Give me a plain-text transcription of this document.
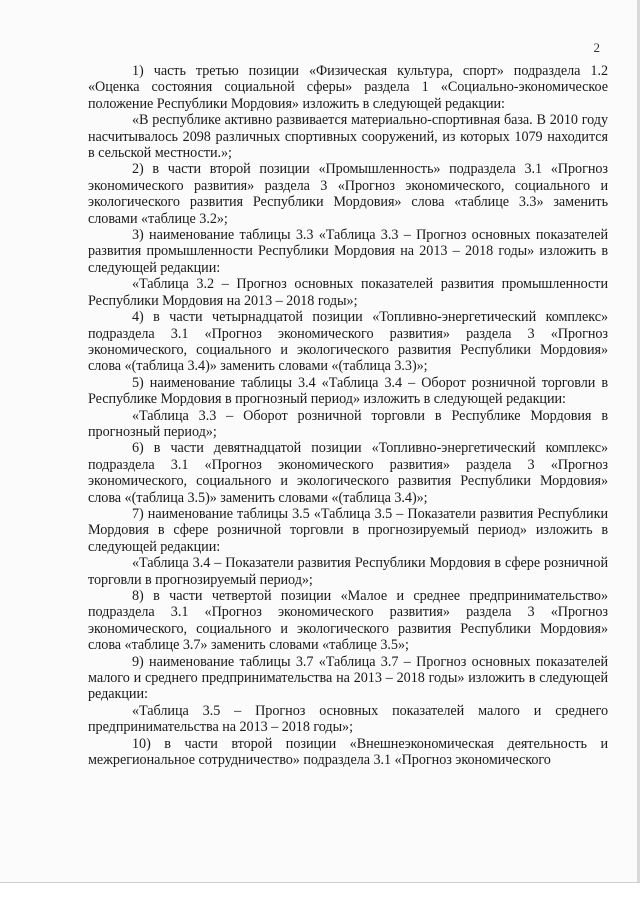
2

1) часть третью позиции «Физическая культура, спорт» подраздела 1.2 «Оценка состояния социальной сферы» раздела 1 «Социально-экономическое положение Республики Мордовия» изложить в следующей редакции:

«В республике активно развивается материально-спортивная база. В 2010 году насчитывалось 2098 различных спортивных сооружений, из которых 1079 находится в сельской местности.»;

2) в части второй позиции «Промышленность» подраздела 3.1 «Прогноз экономического развития» раздела 3 «Прогноз экономического, социального и экологического развития Республики Мордовия» слова «таблице 3.3» заменить словами «таблице 3.2»;

3) наименование таблицы 3.3 «Таблица 3.3 – Прогноз основных показателей развития промышленности Республики Мордовия на 2013 – 2018 годы» изложить в следующей редакции:

«Таблица 3.2 – Прогноз основных показателей развития промышленности Республики Мордовия на 2013 – 2018 годы»;

4) в части четырнадцатой позиции «Топливно-энергетический комплекс» подраздела 3.1 «Прогноз экономического развития» раздела 3 «Прогноз экономического, социального и экологического развития Республики Мордовия» слова «(таблица 3.4)» заменить словами «(таблица 3.3)»;

5) наименование таблицы 3.4 «Таблица 3.4 – Оборот розничной торговли в Республике Мордовия в прогнозный период» изложить в следующей редакции:

«Таблица 3.3 – Оборот розничной торговли в Республике Мордовия в прогнозный период»;

6) в части девятнадцатой позиции «Топливно-энергетический комплекс» подраздела 3.1 «Прогноз экономического развития» раздела 3 «Прогноз экономического, социального и экологического развития Республики Мордовия» слова «(таблица 3.5)» заменить словами «(таблица 3.4)»;

7) наименование таблицы 3.5 «Таблица 3.5 – Показатели развития Республики Мордовия в сфере розничной торговли в прогнозируемый период» изложить в следующей редакции:

«Таблица 3.4 – Показатели развития Республики Мордовия в сфере розничной торговли в прогнозируемый период»;

8) в части четвертой позиции «Малое и среднее предпринимательство» подраздела 3.1 «Прогноз экономического развития» раздела 3 «Прогноз экономического, социального и экологического развития Республики Мордовия» слова «таблице 3.7» заменить словами «таблице 3.5»;

9) наименование таблицы 3.7 «Таблица 3.7 – Прогноз основных показателей малого и среднего предпринимательства на 2013 – 2018 годы» изложить в следующей редакции:

«Таблица 3.5 – Прогноз основных показателей малого и среднего предпринимательства на 2013 – 2018 годы»;

10) в части второй позиции «Внешнеэкономическая деятельность и межрегиональное сотрудничество» подраздела 3.1 «Прогноз экономического
